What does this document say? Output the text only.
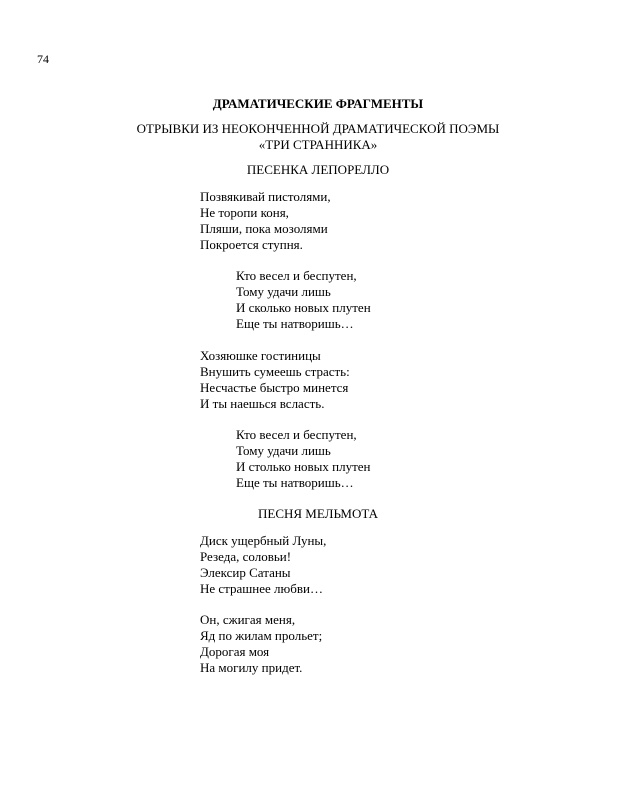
74
ДРАМАТИЧЕСКИЕ ФРАГМЕНТЫ
ОТРЫВКИ ИЗ НЕОКОНЧЕННОЙ ДРАМАТИЧЕСКОЙ ПОЭМЫ
«ТРИ СТРАННИКА»
ПЕСЕНКА ЛЕПОРЕЛЛО
Позвякивай пистолями,
Не торопи коня,
Пляши, пока мозолями
Покроется ступня.
Кто весел и беспутен,
Тому удачи лишь
И сколько новых плутен
Еще ты натворишь…
Хозяюшке гостиницы
Внушить сумеешь страсть:
Несчастье быстро минется
И ты наешься всласть.
Кто весел и беспутен,
Тому удачи лишь
И столько новых плутен
Еще ты натворишь…
ПЕСНЯ МЕЛЬМОТА
Диск ущербный Луны,
Резеда, соловьи!
Элексир Сатаны
Не страшнее любви…
Он, сжигая меня,
Яд по жилам прольет;
Дорогая моя
На могилу придет.
